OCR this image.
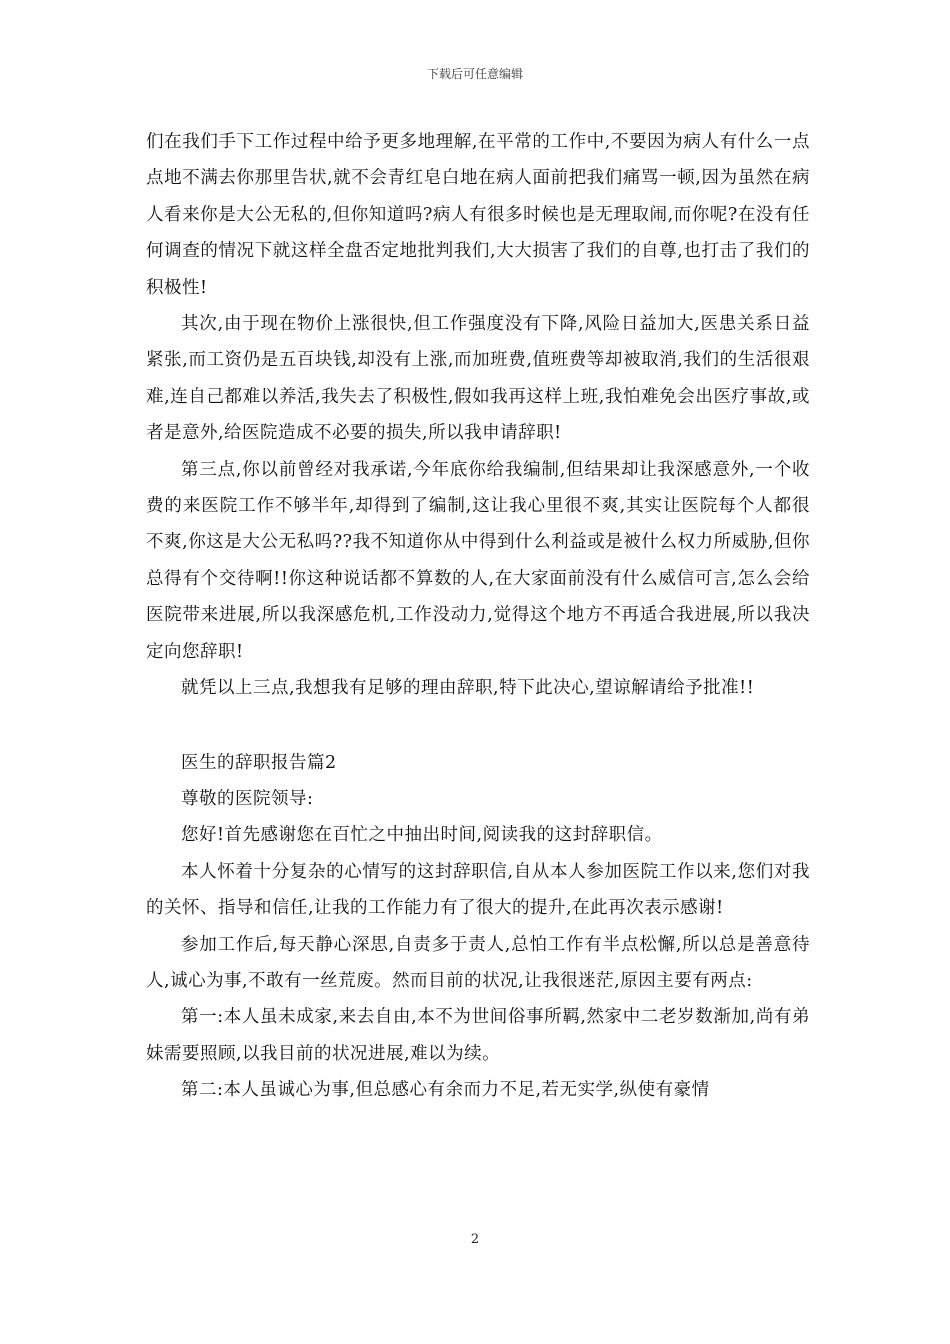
下载后可任意编辑

们在我们手下工作过程中给予更多地理解,在平常的工作中,不要因为病人有什么一点点地不满去你那里告状,就不会青红皂白地在病人面前把我们痛骂一顿,因为虽然在病人看来你是大公无私的,但你知道吗?病人有很多时候也是无理取闹,而你呢?在没有任何调查的情况下就这样全盘否定地批判我们,大大损害了我们的自尊,也打击了我们的积极性!

其次,由于现在物价上涨很快,但工作强度没有下降,风险日益加大,医患关系日益紧张,而工资仍是五百块钱,却没有上涨,而加班费,值班费等却被取消,我们的生活很艰难,连自己都难以养活,我失去了积极性,假如我再这样上班,我怕难免会出医疗事故,或者是意外,给医院造成不必要的损失,所以我申请辞职!

第三点,你以前曾经对我承诺,今年底你给我编制,但结果却让我深感意外,一个收费的来医院工作不够半年,却得到了编制,这让我心里很不爽,其实让医院每个人都很不爽,你这是大公无私吗??我不知道你从中得到什么利益或是被什么权力所威胁,但你总得有个交待啊!!你这种说话都不算数的人,在大家面前没有什么威信可言,怎么会给医院带来进展,所以我深感危机,工作没动力,觉得这个地方不再适合我进展,所以我决定向您辞职!

就凭以上三点,我想我有足够的理由辞职,特下此决心,望谅解请给予批准!!

医生的辞职报告篇2

尊敬的医院领导:

您好!首先感谢您在百忙之中抽出时间,阅读我的这封辞职信。

本人怀着十分复杂的心情写的这封辞职信,自从本人参加医院工作以来,您们对我的关怀、指导和信任,让我的工作能力有了很大的提升,在此再次表示感谢!

参加工作后,每天静心深思,自责多于责人,总怕工作有半点松懈,所以总是善意待人,诚心为事,不敢有一丝荒废。然而目前的状况,让我很迷茫,原因主要有两点:

第一:本人虽未成家,来去自由,本不为世间俗事所羁,然家中二老岁数渐加,尚有弟妹需要照顾,以我目前的状况进展,难以为续。

第二:本人虽诚心为事,但总感心有余而力不足,若无实学,纵使有豪情

2
